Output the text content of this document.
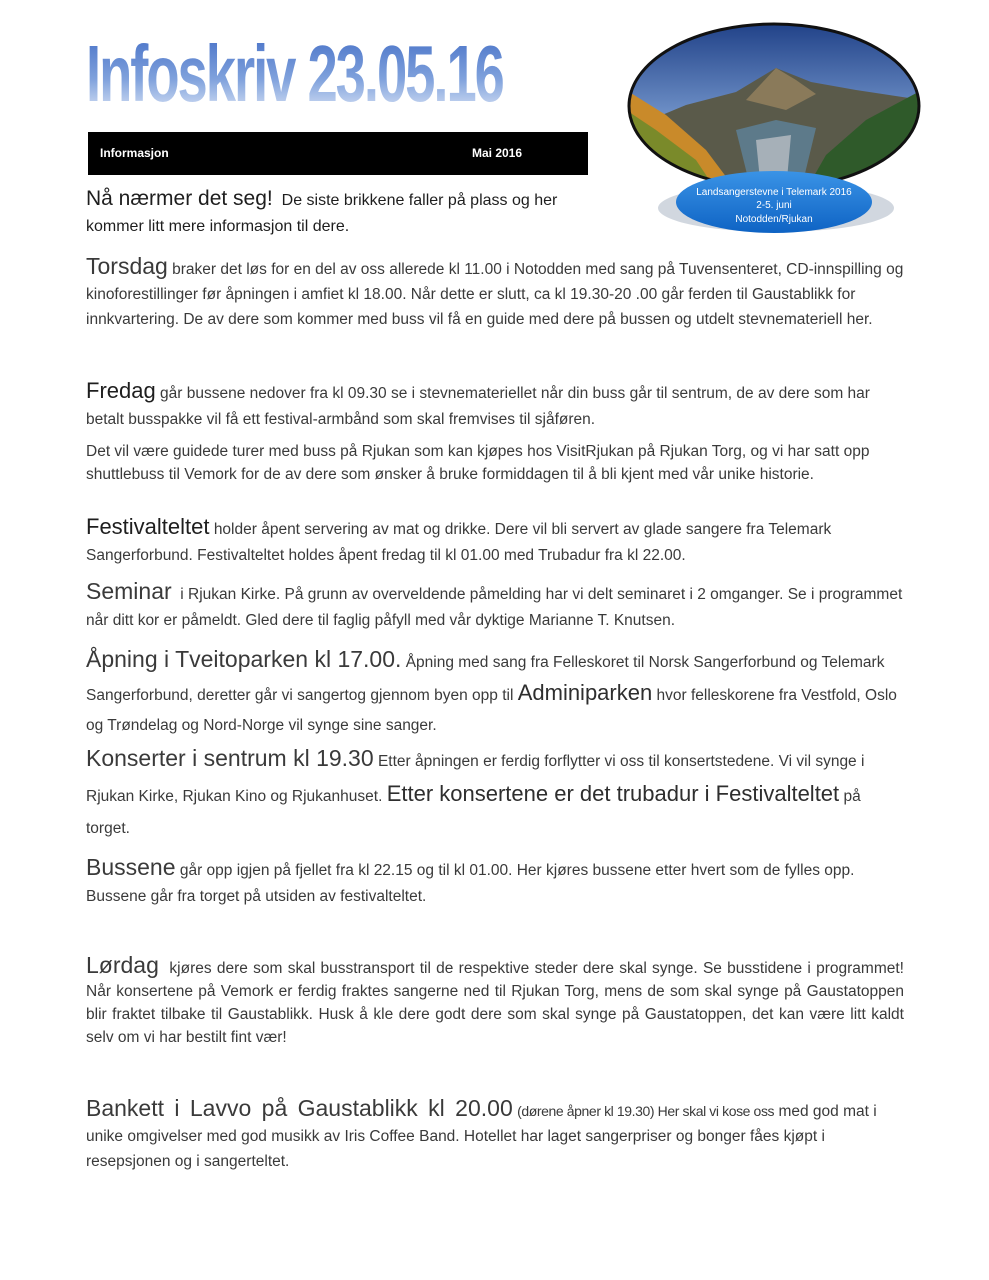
Infoskriv 23.05.16
Informasjon	Mai 2016
Landsangerstevne i Telemark 2016
2-5. juni
Notodden/Rjukan

Nå nærmer det seg! De siste brikkene faller på plass og her kommer litt mere informasjon til dere.

Torsdag braker det løs for en del av oss allerede kl 11.00 i Notodden med sang på Tuvensenteret, CD-innspilling og kinoforestillinger før åpningen i amfiet kl 18.00. Når dette er slutt, ca kl 19.30-20 .00 går ferden til Gaustablikk for innkvartering. De av dere som kommer med buss vil få en guide med dere på bussen og utdelt stevnemateriell her.

Fredag går bussene nedover fra kl 09.30 se i stevnemateriellet når din buss går til sentrum, de av dere som har betalt busspakke vil få ett festival-armbånd som skal fremvises til sjåføren.

Det vil være guidede turer med buss på Rjukan som kan kjøpes hos VisitRjukan på Rjukan Torg, og vi har satt opp shuttlebuss til Vemork for de av dere som ønsker å bruke formiddagen til å bli kjent med vår unike historie.

Festivalteltet holder åpent servering av mat og drikke. Dere vil bli servert av glade sangere fra Telemark Sangerforbund. Festivalteltet holdes åpent fredag til kl 01.00 med Trubadur fra kl 22.00.

Seminar i Rjukan Kirke. På grunn av overveldende påmelding har vi delt seminaret i 2 omganger. Se i programmet når ditt kor er påmeldt. Gled dere til faglig påfyll med vår dyktige Marianne T. Knutsen.

Åpning i Tveitoparken kl 17.00. Åpning med sang fra Felleskoret til Norsk Sangerforbund og Telemark Sangerforbund, deretter går vi sangertog gjennom byen opp til Adminiparken hvor felleskorene fra Vestfold, Oslo og Trøndelag og Nord-Norge vil synge sine sanger.

Konserter i sentrum kl 19.30 Etter åpningen er ferdig forflytter vi oss til konsertstedene. Vi vil synge i Rjukan Kirke, Rjukan Kino og Rjukanhuset. Etter konsertene er det trubadur i Festivalteltet på torget.

Bussene går opp igjen på fjellet fra kl 22.15 og til kl 01.00. Her kjøres bussene etter hvert som de fylles opp. Bussene går fra torget på utsiden av festivalteltet.

Lørdag kjøres dere som skal busstransport til de respektive steder dere skal synge. Se busstidene i programmet! Når konsertene på Vemork er ferdig fraktes sangerne ned til Rjukan Torg, mens de som skal synge på Gaustatoppen blir fraktet tilbake til Gaustablikk. Husk å kle dere godt dere som skal synge på Gaustatoppen, det kan være litt kaldt selv om vi har bestilt fint vær!

Bankett i Lavvo på Gaustablikk kl 20.00 (dørene åpner kl 19.30) Her skal vi kose oss med god mat i unike omgivelser med god musikk av Iris Coffee Band. Hotellet har laget sangerpriser og bonger fåes kjøpt i resepsjonen og i sangerteltet.
